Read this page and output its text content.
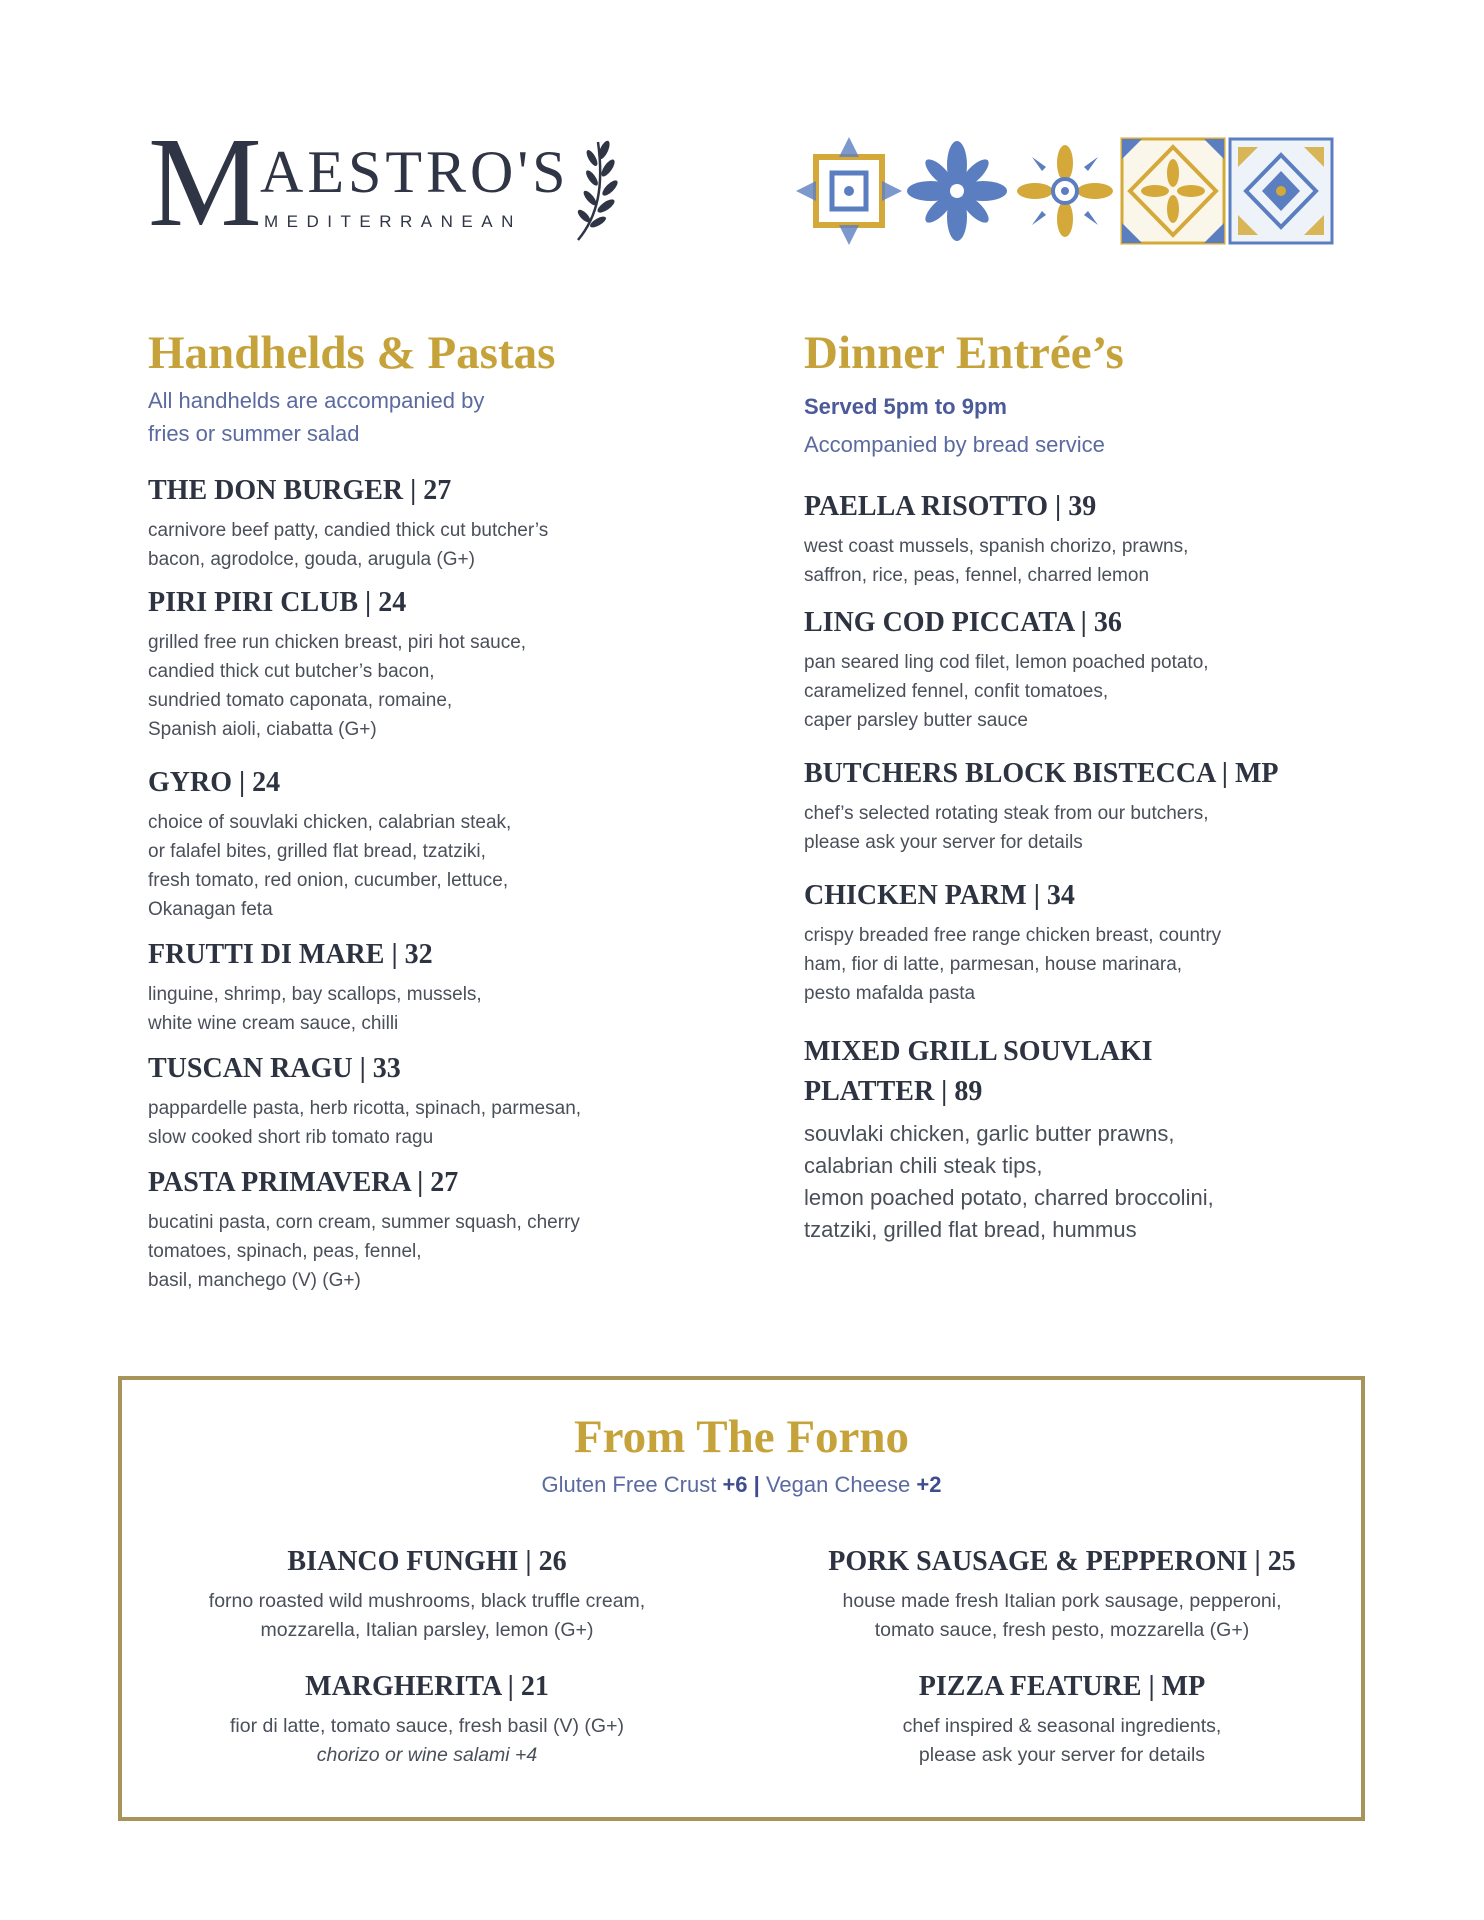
M AESTRO'S
MEDITERRANEAN
Handhelds & Pastas
All handhelds are accompanied by
fries or summer salad
THE DON BURGER | 27
carnivore beef patty, candied thick cut butcher’s
bacon, agrodolce, gouda, arugula (G+)
PIRI PIRI CLUB | 24
grilled free run chicken breast, piri hot sauce,
candied thick cut butcher’s bacon,
sundried tomato caponata, romaine,
Spanish aioli, ciabatta (G+)
GYRO | 24
choice of souvlaki chicken, calabrian steak,
or falafel bites, grilled flat bread, tzatziki,
fresh tomato, red onion, cucumber, lettuce,
Okanagan feta
FRUTTI DI MARE | 32
linguine, shrimp, bay scallops, mussels,
white wine cream sauce, chilli
TUSCAN RAGU | 33
pappardelle pasta, herb ricotta, spinach, parmesan,
slow cooked short rib tomato ragu
PASTA PRIMAVERA | 27
bucatini pasta, corn cream, summer squash, cherry
tomatoes, spinach, peas, fennel,
basil, manchego (V) (G+)
Dinner Entrée’s
Served 5pm to 9pm
Accompanied by bread service
PAELLA RISOTTO | 39
west coast mussels, spanish chorizo, prawns,
saffron, rice, peas, fennel, charred lemon
LING COD PICCATA | 36
pan seared ling cod filet, lemon poached potato,
caramelized fennel, confit tomatoes,
caper parsley butter sauce
BUTCHERS BLOCK BISTECCA | MP
chef’s selected rotating steak from our butchers,
please ask your server for details
CHICKEN PARM | 34
crispy breaded free range chicken breast, country
ham, fior di latte, parmesan, house marinara,
pesto mafalda pasta
MIXED GRILL SOUVLAKI
PLATTER | 89
souvlaki chicken, garlic butter prawns,
calabrian chili steak tips,
lemon poached potato, charred broccolini,
tzatziki, grilled flat bread, hummus
From The Forno
Gluten Free Crust +6 | Vegan Cheese +2
BIANCO FUNGHI | 26
forno roasted wild mushrooms, black truffle cream,
mozzarella, Italian parsley, lemon (G+)
PORK SAUSAGE & PEPPERONI | 25
house made fresh Italian pork sausage, pepperoni,
tomato sauce, fresh pesto, mozzarella (G+)
MARGHERITA | 21
fior di latte, tomato sauce, fresh basil (V) (G+)
chorizo or wine salami +4
PIZZA FEATURE | MP
chef inspired & seasonal ingredients,
please ask your server for details
